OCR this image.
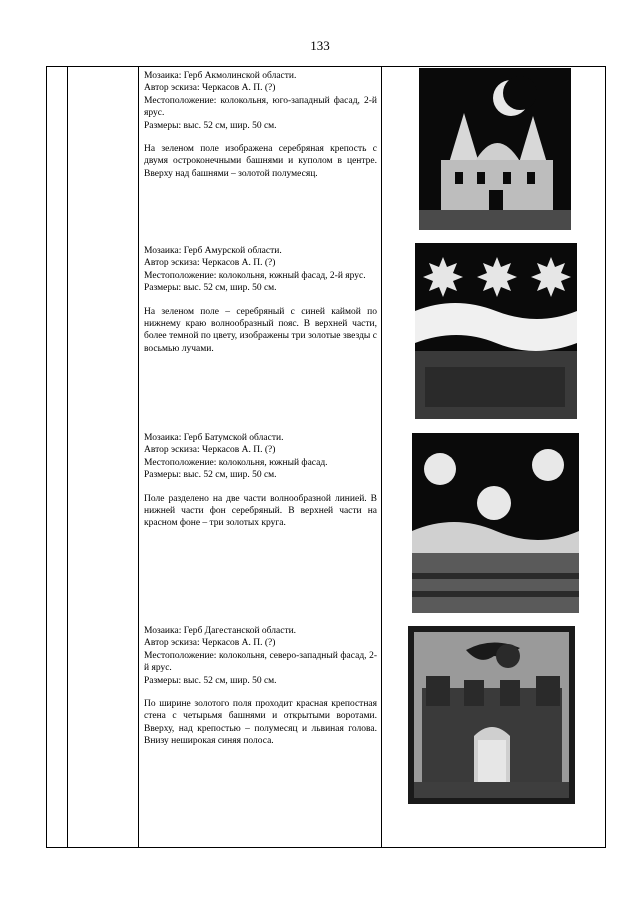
133

Мозаика: Герб Акмолинской области.

Автор эскиза: Черкасов А. П. (?)

Местоположение: колокольня, юго-западный фасад, 2-й ярус.

Размеры: выс. 52 см, шир. 50 см.

На зеленом поле изображена серебряная крепость с двумя остроконечными башнями и куполом в центре. Вверху над башнями – золотой полумесяц.

Мозаика: Герб Амурской области.

Автор эскиза: Черкасов А. П. (?)

Местоположение: колокольня, южный фасад, 2-й ярус.

Размеры: выс. 52 см, шир. 50 см.

На зеленом поле – серебряный с синей каймой по нижнему краю волнообразный пояс. В верхней части, более темной по цвету, изображены три золотые звезды с восьмью лучами.

Мозаика: Герб Батумской области.

Автор эскиза: Черкасов А. П. (?)

Местоположение: колокольня, южный фасад.

Размеры: выс. 52 см, шир. 50 см.

Поле разделено на две части волнообразной линией. В нижней части фон серебряный. В верхней части на красном фоне – три золотых круга.

Мозаика: Герб Дагестанской области.

Автор эскиза: Черкасов А. П. (?)

Местоположение: колокольня, северо-западный фасад, 2-й ярус.

Размеры: выс. 52 см, шир. 50 см.

По ширине золотого поля проходит красная крепостная стена с четырьмя башнями и открытыми воротами. Вверху, над крепостью – полумесяц и львиная голова. Внизу неширокая синяя полоса.
